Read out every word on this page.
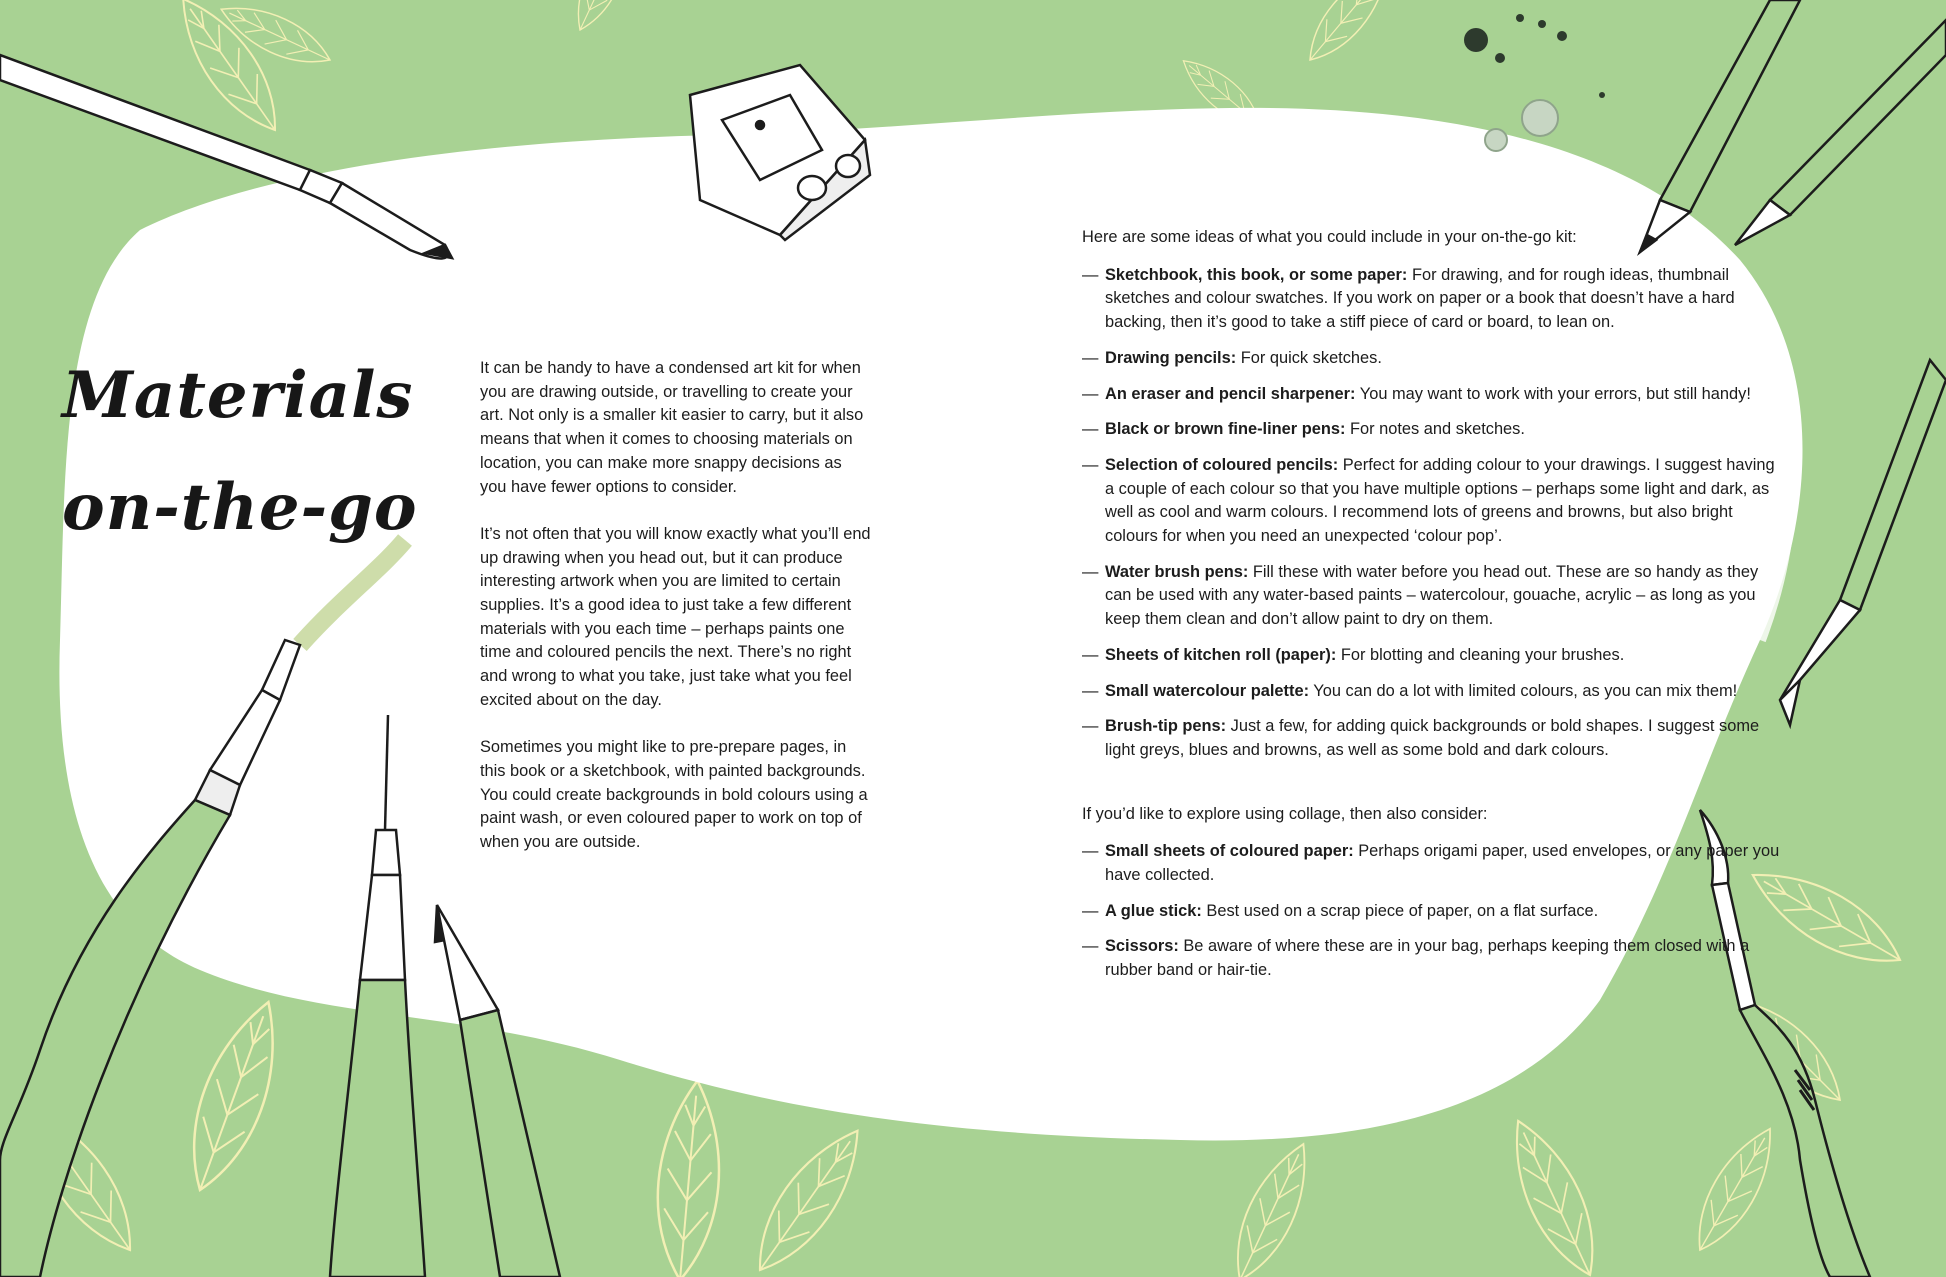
Materials
on-the-go

It can be handy to have a condensed art kit for when you are drawing outside, or travelling to create your art. Not only is a smaller kit easier to carry, but it also means that when it comes to choosing materials on location, you can make more snappy decisions as you have fewer options to consider.

It’s not often that you will know exactly what you’ll end up drawing when you head out, but it can produce interesting artwork when you are limited to certain supplies. It’s a good idea to just take a few different materials with you each time – perhaps paints one time and coloured pencils the next. There’s no right and wrong to what you take, just take what you feel excited about on the day.

Sometimes you might like to pre-prepare pages, in this book or a sketchbook, with painted backgrounds. You could create backgrounds in bold colours using a paint wash, or even coloured paper to work on top of when you are outside.

Here are some ideas of what you could include in your on-the-go kit:

— Sketchbook, this book, or some paper: For drawing, and for rough ideas, thumbnail sketches and colour swatches. If you work on paper or a book that doesn’t have a hard backing, then it’s good to take a stiff piece of card or board, to lean on.
— Drawing pencils: For quick sketches.
— An eraser and pencil sharpener: You may want to work with your errors, but still handy!
— Black or brown fine-liner pens: For notes and sketches.
— Selection of coloured pencils: Perfect for adding colour to your drawings. I suggest having a couple of each colour so that you have multiple options – perhaps some light and dark, as well as cool and warm colours. I recommend lots of greens and browns, but also bright colours for when you need an unexpected ‘colour pop’.
— Water brush pens: Fill these with water before you head out. These are so handy as they can be used with any water-based paints – watercolour, gouache, acrylic – as long as you keep them clean and don’t allow paint to dry on them.
— Sheets of kitchen roll (paper): For blotting and cleaning your brushes.
— Small watercolour palette: You can do a lot with limited colours, as you can mix them!
— Brush-tip pens: Just a few, for adding quick backgrounds or bold shapes. I suggest some light greys, blues and browns, as well as some bold and dark colours.

If you’d like to explore using collage, then also consider:

— Small sheets of coloured paper: Perhaps origami paper, used envelopes, or any paper you have collected.
— A glue stick: Best used on a scrap piece of paper, on a flat surface.
— Scissors: Be aware of where these are in your bag, perhaps keeping them closed with a rubber band or hair-tie.
